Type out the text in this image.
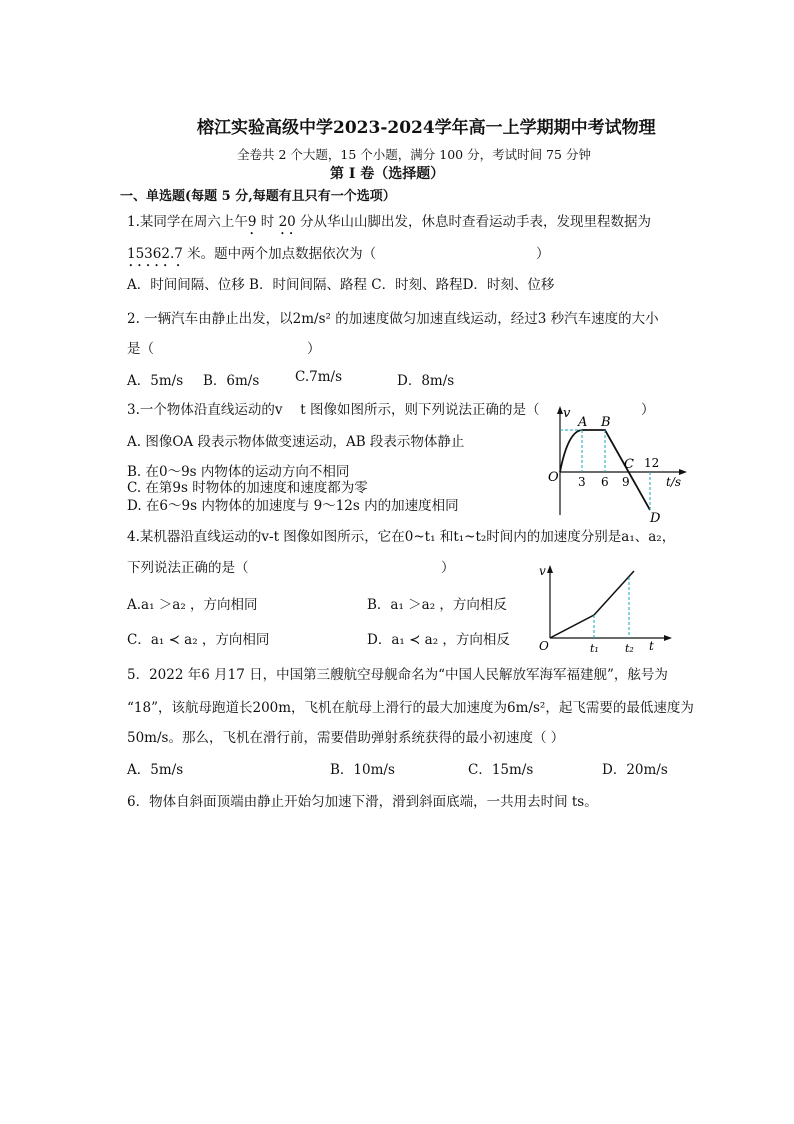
榕江实验高级中学2023-2024学年高一上学期期中考试物理
全卷共 2 个大题，15 个小题，满分 100 分，考试时间 75 分钟
第 I 卷（选择题）
一、单选题(每题 5 分,每题有且只有一个选项）
1.某同学在周六上午9 时 20 分从华山山脚出发，休息时查看运动手表，发现里程数据为
15362.7 米。题中两个加点数据依次为（	）
A．时间间隔、位移 B．时间间隔、路程 C．时刻、路程D．时刻、位移
2. 一辆汽车由静止出发，以2m/s² 的加速度做匀加速直线运动，经过3 秒汽车速度的大小
是（	）
A．5m/s B．6m/s	C.7m/s	D．8m/s
3.一个物体沿直线运动的v　 t 图像如图所示，则下列说法正确的是（	）
A. 图像OA 段表示物体做变速运动，AB 段表示物体静止
B. 在0～9s 内物体的运动方向不相同
C. 在第9s 时物体的加速度和速度都为零
D. 在6～9s 内物体的加速度与 9～12s 内的加速度相同
v
O
A B
C
D
3 6 9
12
t/s
4.某机器沿直线运动的v-t 图像如图所示，它在0~t₁ 和t₁~t₂时间内的加速度分别是a₁、a₂，
下列说法正确的是（	）
A.a₁ ＞a₂ ，方向相同	B．a₁ ＞a₂ ，方向相反
C．a₁ ≺ a₂ ，方向相同	D．a₁ ≺ a₂ ，方向相反
v
O	t₁ t₂ t
5．2022 年6 月17 日，中国第三艘航空母舰命名为“中国人民解放军海军福建舰”，舷号为
“18”，该航母跑道长200m，飞机在航母上滑行的最大加速度为6m/s²，起飞需要的最低速度为
50m/s。那么，飞机在滑行前，需要借助弹射系统获得的最小初速度（ ）
A．5m/s	B．10m/s	C．15m/s	D．20m/s
6．物体自斜面顶端由静止开始匀加速下滑，滑到斜面底端，一共用去时间 ts。
